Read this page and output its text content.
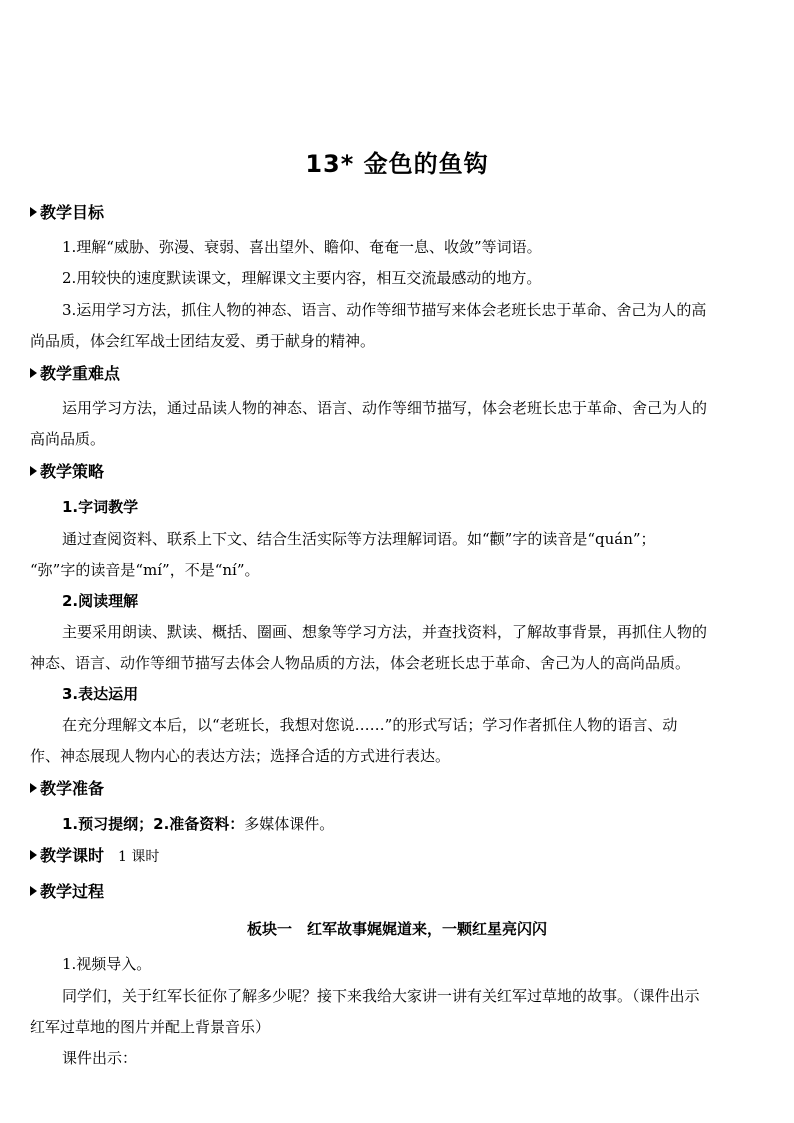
13* 金色的鱼钩
教学目标
1.理解“威胁、弥漫、衰弱、喜出望外、瞻仰、奄奄一息、收敛”等词语。
2.用较快的速度默读课文，理解课文主要内容，相互交流最感动的地方。
3.运用学习方法，抓住人物的神态、语言、动作等细节描写来体会老班长忠于革命、舍己为人的高
尚品质，体会红军战士团结友爱、勇于献身的精神。
教学重难点
运用学习方法，通过品读人物的神态、语言、动作等细节描写，体会老班长忠于革命、舍己为人的
高尚品质。
教学策略
1.字词教学
通过查阅资料、联系上下文、结合生活实际等方法理解词语。如“颧”字的读音是“quán”；
“弥”字的读音是“mí”，不是“ní”。
2.阅读理解
主要采用朗读、默读、概括、圈画、想象等学习方法，并查找资料，了解故事背景，再抓住人物的
神态、语言、动作等细节描写去体会人物品质的方法，体会老班长忠于革命、舍己为人的高尚品质。
3.表达运用
在充分理解文本后，以“老班长，我想对您说……”的形式写话；学习作者抓住人物的语言、动
作、神态展现人物内心的表达方法；选择合适的方式进行表达。
教学准备
1.预习提纲；2.准备资料：多媒体课件。
教学课时 1 课时
教学过程
板块一　红军故事娓娓道来，一颗红星亮闪闪
1.视频导入。
同学们，关于红军长征你了解多少呢？接下来我给大家讲一讲有关红军过草地的故事。（课件出示
红军过草地的图片并配上背景音乐）
课件出示：
